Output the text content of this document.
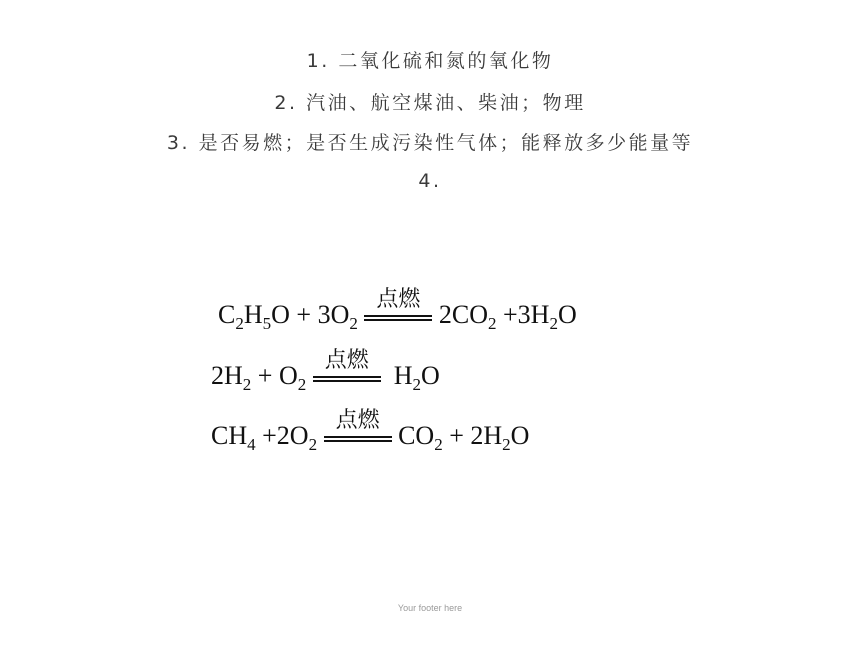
1. 二氧化硫和氮的氧化物
2. 汽油、航空煤油、柴油；物理
3. 是否易燃；是否生成污染性气体；能释放多少能量等
4.
$C_2H_5O + 3O_2$
点燃
$2CO_2 +3H_2O$
$2H_2 + O_2$
点燃
$H_2O$
$CH_4 +2O_2$
点燃
$CO_2 + 2H_2O$
Your footer here
